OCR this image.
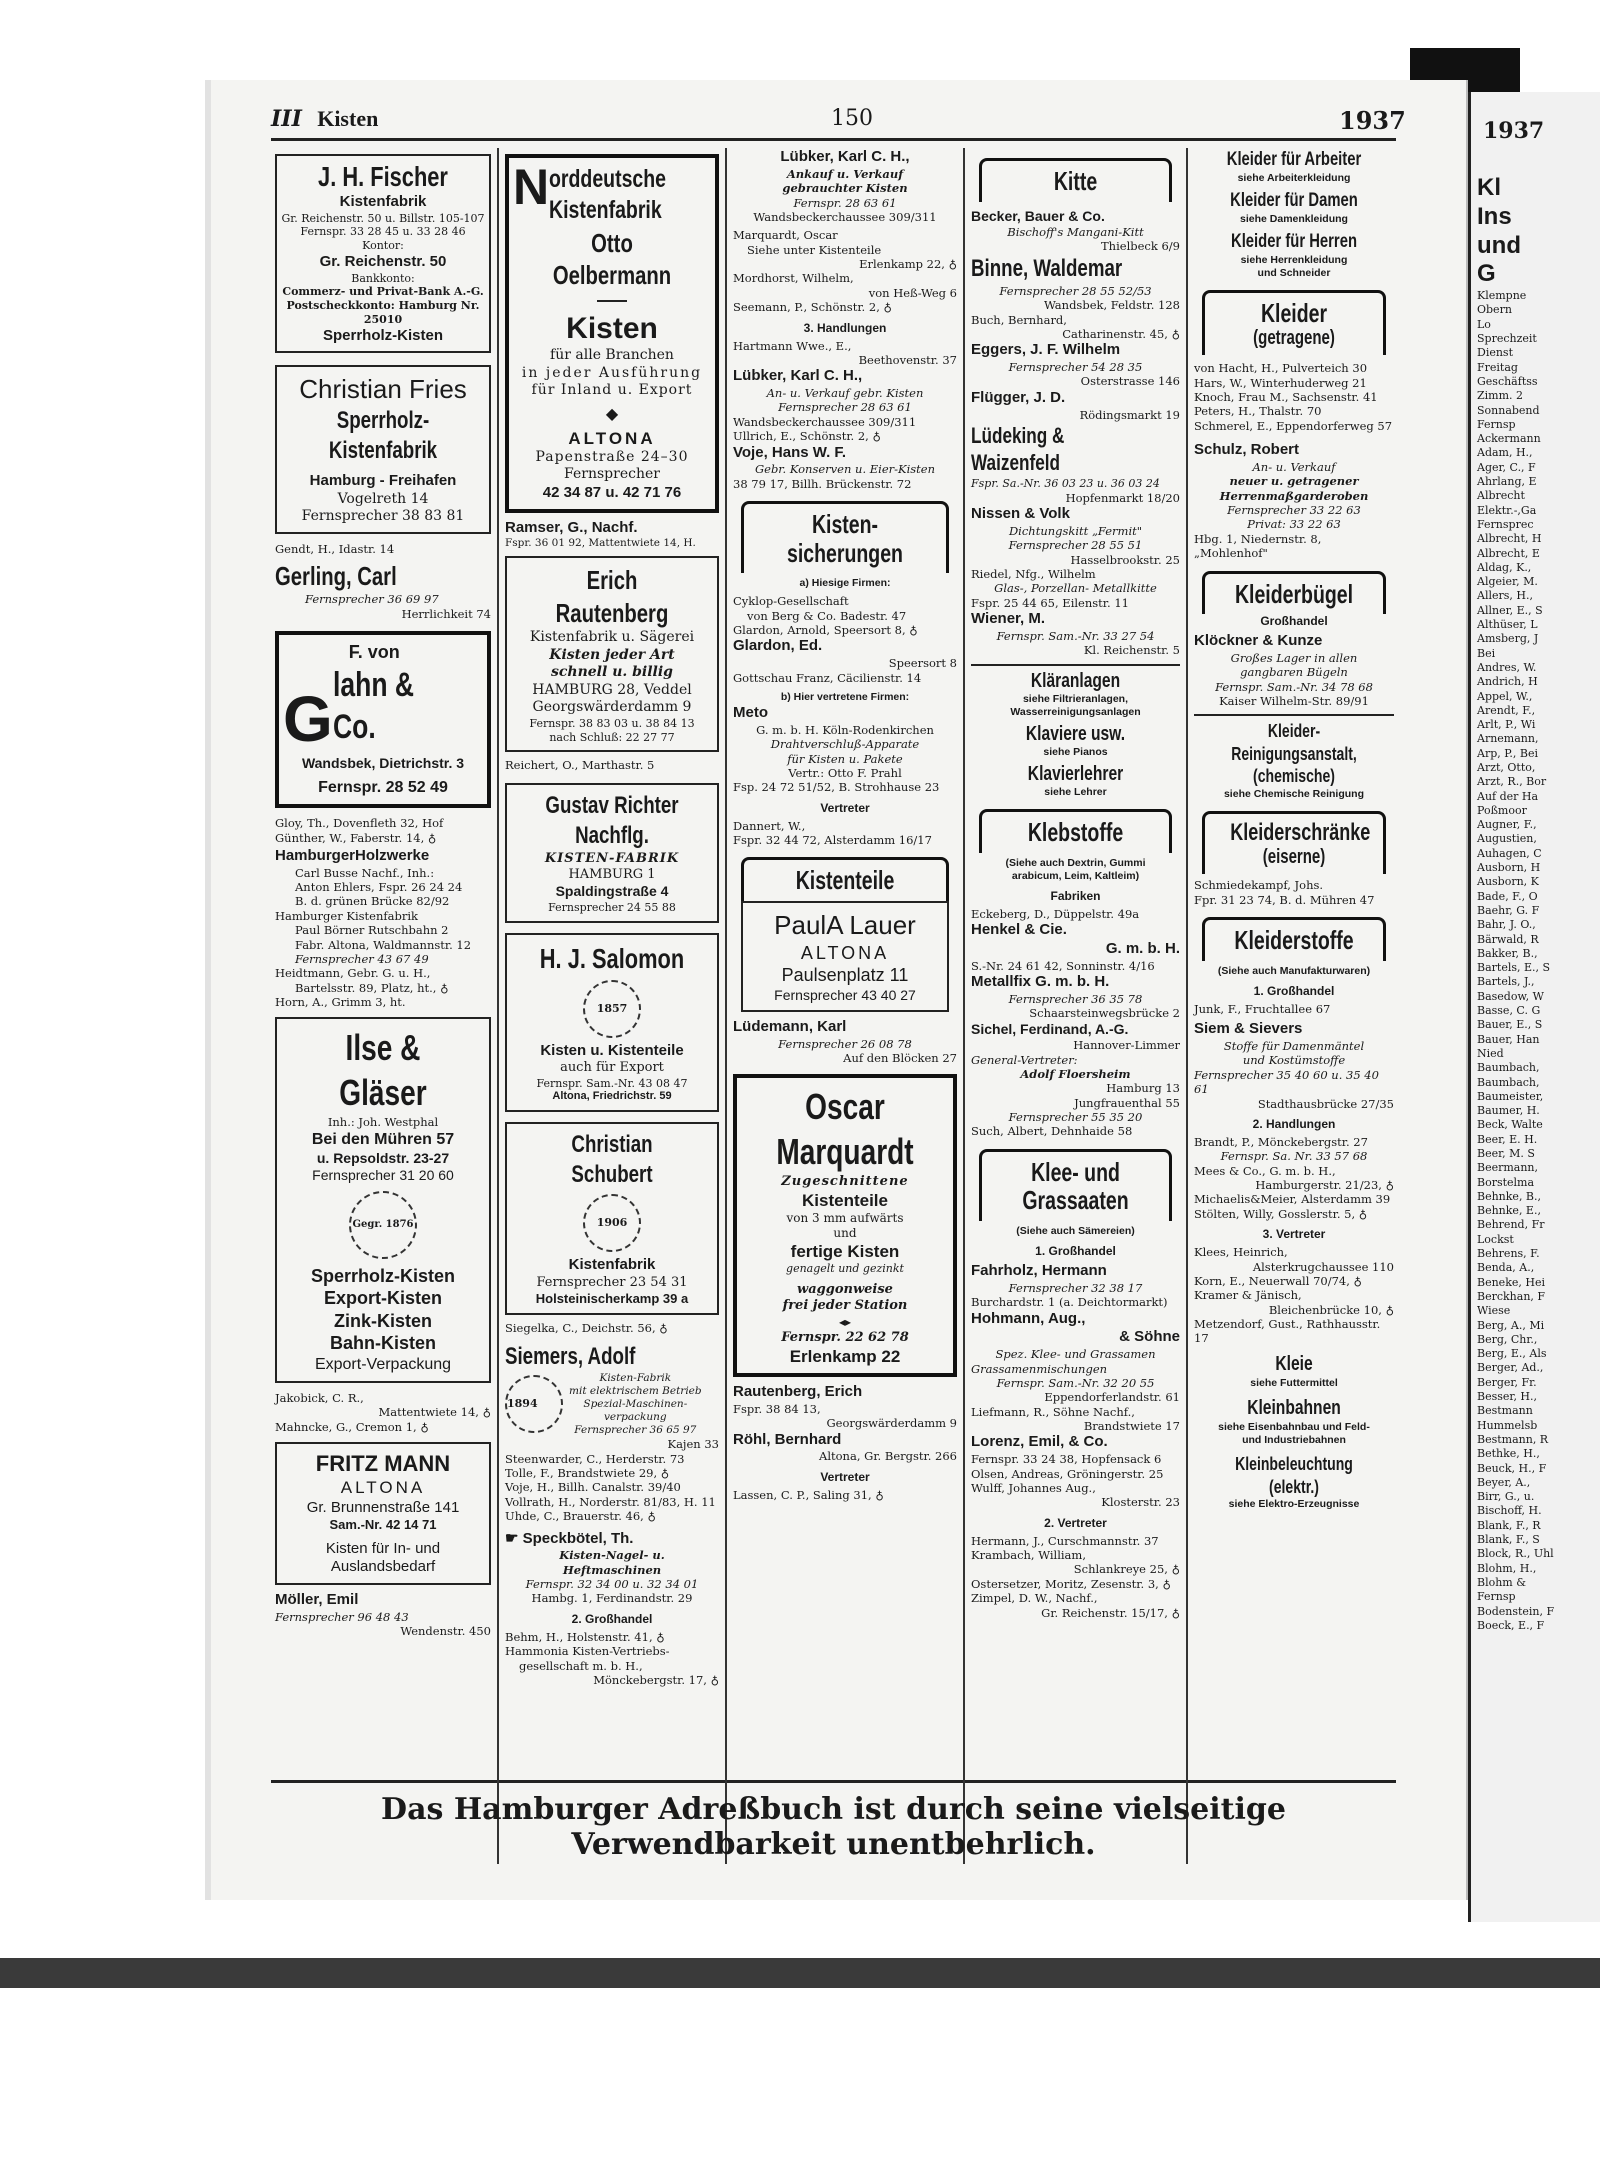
1937
Kl
Ins
und
G
Klempne
Obern
Lo
Sprechzeit
Dienst
Freitag
Geschäftss
Zimm. 2
Sonnabend
Fernsp
Ackermann
Adam, H.,
Ager, C., F
Ahrlang, E
Albrecht
Elektr.-,Ga
Fernsprec
Albrecht, H
Albrecht, E
Aldag, K.,
Algeier, M.
Allers, H.,
Allner, E., S
Althüser, L
Amsberg, J
Bei
Andres, W.
Andrich, H
Appel, W.,
Arendt, F.,
Arlt, P., Wi
Arnemann,
Arp, P., Bei
Arzt, Otto,
Arzt, R., Bor
Auf der Ha
Poßmoor
Augner, F.,
Augustien,
Auhagen, C
Ausborn, H
Ausborn, K
Bade, F., O
Baehr, G. F
Bahr, J. O.,
Bärwald, R
Bakker, B.,
Bartels, E., S
Bartels, J.,
Basedow, W
Basse, C. G
Bauer, E., S
Bauer, Han
Nied
Baumbach,
Baumbach,
Baumeister,
Baumer, H.
Beck, Walte
Beer, E. H.
Beer, M. S
Beermann,
Borstelma
Behnke, B.,
Behnke, E.,
Behrend, Fr
Lockst
Behrens, F.
Benda, A.,
Beneke, Hei
Berckhan, F
Wiese
Berg, A., Mi
Berg, Chr.,
Berg, E., Als
Berger, Ad.,
Berger, Fr.
Besser, H.,
Bestmann
Hummelsb
Bestmann, R
Bethke, H.,
Beuck, H., F
Beyer, A.,
Birr, G., u.
Bischoff, H.
Blank, F., R
Blank, F., S
Block, R., Uhl
Blohm, H.,
Blohm &
Fernsp
Bodenstein, F
Boeck, E., F
III Kisten	150	1937
J. H. Fischer
Kistenfabrik
Gr. Reichenstr. 50 u. Billstr. 105-107
Fernspr. 33 28 45 u. 33 28 46
Kontor:
Gr. Reichenstr. 50
Bankkonto:
Commerz- und Privat-Bank A.-G.
Postscheckkonto: Hamburg Nr. 25010
Sperrholz-Kisten
Christian Fries
Sperrholz-
Kistenfabrik
Hamburg - Freihafen
Vogelreth 14
Fernsprecher 38 83 81
Gendt, H., Idastr. 14
Gerling, Carl
Fernsprecher 36 69 97
Herrlichkeit 74
G
F. von
lahn & Co.
Wandsbek, Dietrichstr. 3
Fernspr. 28 52 49
Gloy, Th., Dovenfleth 32, Hof
Günther, W., Faberstr. 14, ♁
HamburgerHolzwerke
Carl Busse Nachf., Inh.:
Anton Ehlers, Fspr. 26 24 24
B. d. grünen Brücke 82/92
Hamburger Kistenfabrik
Paul Börner Rutschbahn 2
Fabr. Altona, Waldmannstr. 12
Fernsprecher 43 67 49
Heidtmann, Gebr. G. u. H.,
Bartelsstr. 89, Platz, ht., ♁
Horn, A., Grimm 3, ht.
Ilse & Gläser
Inh.: Joh. Westphal
Bei den Mühren 57
u. Repsoldstr. 23-27
Fernsprecher 31 20 60
Gegr. 1876
Sperrholz-Kisten
Export-Kisten
Zink-Kisten
Bahn-Kisten
Export-Verpackung
Jakobick, C. R.,
Mattentwiete 14, ♁
Mahncke, G., Cremon 1, ♁
FRITZ MANN
ALTONA
Gr. Brunnenstraße 141
Sam.-Nr. 42 14 71
Kisten für In- und
Auslandsbedarf
Möller, Emil
Fernsprecher 96 48 43
Wendenstr. 450
N orddeutsche
Kistenfabrik
Otto Oelbermann
Kisten
für alle Branchen
in jeder Ausführung
für Inland u. Export
◆
ALTONA
Papenstraße 24–30
Fernsprecher
42 34 87 u. 42 71 76
Ramser, G., Nachf.
Fspr. 36 01 92, Mattentwiete 14, H.
Erich Rautenberg
Kistenfabrik u. Sägerei
Kisten jeder Art
schnell u. billig
HAMBURG 28, Veddel
Georgswärderdamm 9
Fernspr. 38 83 03 u. 38 84 13
nach Schluß: 22 27 77
Reichert, O., Marthastr. 5
Gustav Richter Nachflg.
KISTEN-FABRIK
HAMBURG 1
Spaldingstraße 4
Fernsprecher 24 55 88
H. J. Salomon
1857
Kisten u. Kistenteile
auch für Export
Fernspr. Sam.-Nr. 43 08 47
Altona, Friedrichstr. 59
Christian Schubert
1906
Kistenfabrik
Fernsprecher 23 54 31
Holsteinischerkamp 39 a
Siegelka, C., Deichstr. 56, ♁
Siemers, Adolf
1894
Kisten-Fabrik
mit elektrischem Betrieb
Spezial-Maschinen-
verpackung
Fernsprecher 36 65 97
Kajen 33
Steenwarder, C., Herderstr. 73
Tolle, F., Brandstwiete 29, ♁
Voje, H., Billh. Canalstr. 39/40
Vollrath, H., Norderstr. 81/83, H. 11
Uhde, C., Brauerstr. 46, ♁
☛ Speckbötel, Th.
Kisten-Nagel- u.
Heftmaschinen
Fernspr. 32 34 00 u. 32 34 01
Hambg. 1, Ferdinandstr. 29
2. Großhandel
Behm, H., Holstenstr. 41, ♁
Hammonia Kisten-Vertriebs-
gesellschaft m. b. H.,
Mönckebergstr. 17, ♁
Lübker, Karl C. H.,
Ankauf u. Verkauf
gebrauchter Kisten
Fernspr. 28 63 61
Wandsbeckerchaussee 309/311
Marquardt, Oscar
Siehe unter Kistenteile
Erlenkamp 22, ♁
Mordhorst, Wilhelm,
von Heß-Weg 6
Seemann, P., Schönstr. 2, ♁
3. Handlungen
Hartmann Wwe., E.,
Beethovenstr. 37
Lübker, Karl C. H.,
An- u. Verkauf gebr. Kisten
Fernsprecher 28 63 61
Wandsbeckerchaussee 309/311
Ullrich, E., Schönstr. 2, ♁
Voje, Hans W. F.
Gebr. Konserven u. Eier-Kisten
38 79 17, Billh. Brückenstr. 72
Kisten-
sicherungen
a) Hiesige Firmen:
Cyklop-Gesellschaft
von Berg & Co. Badestr. 47
Glardon, Arnold, Speersort 8, ♁
Glardon, Ed.
Speersort 8
Gottschau Franz, Cäcilienstr. 14
b) Hier vertretene Firmen:
Meto
G. m. b. H. Köln-Rodenkirchen
Drahtverschluß-Apparate
für Kisten u. Pakete
Vertr.: Otto F. Prahl
Fsp. 24 72 51/52, B. Strohhause 23
Vertreter
Dannert, W.,
Fspr. 32 44 72, Alsterdamm 16/17
Kistenteile
PaulA Lauer
ALTONA
Paulsenplatz 11
Fernsprecher 43 40 27
Lüdemann, Karl
Fernsprecher 26 08 78
Auf den Blöcken 27
Oscar Marquardt
Zugeschnittene
Kistenteile
von 3 mm aufwärts
und
fertige Kisten
genagelt und gezinkt
waggonweise
frei jeder Station
◂▸
Fernspr. 22 62 78
Erlenkamp 22
Rautenberg, Erich
Fspr. 38 84 13,
Georgswärderdamm 9
Röhl, Bernhard
Altona, Gr. Bergstr. 266
Vertreter
Lassen, C. P., Saling 31, ♁
Kitte
Becker, Bauer & Co.
Bischoff's Mangani-Kitt
Thielbeck 6/9
Binne, Waldemar
Fernsprecher 28 55 52/53
Wandsbek, Feldstr. 128
Buch, Bernhard,
Catharinenstr. 45, ♁
Eggers, J. F. Wilhelm
Fernsprecher 54 28 35
Osterstrasse 146
Flügger, J. D.
Rödingsmarkt 19
Lüdeking & Waizenfeld
Fspr. Sa.-Nr. 36 03 23 u. 36 03 24
Hopfenmarkt 18/20
Nissen & Volk
Dichtungskitt „Fermit"
Fernsprecher 28 55 51
Hasselbrookstr. 25
Riedel, Nfg., Wilhelm
Glas-, Porzellan- Metallkitte
Fspr. 25 44 65, Eilenstr. 11
Wiener, M.
Fernspr. Sam.-Nr. 33 27 54
Kl. Reichenstr. 5
Kläranlagen
siehe Filtrieranlagen,
Wasserreinigungsanlagen
Klaviere usw.
siehe Pianos
Klavierlehrer
siehe Lehrer
Klebstoffe
(Siehe auch Dextrin, Gummi
arabicum, Leim, Kaltleim)
Fabriken
Eckeberg, D., Düppelstr. 49a
Henkel & Cie.
G. m. b. H.
S.-Nr. 24 61 42, Sonninstr. 4/16
Metallfix G. m. b. H.
Fernsprecher 36 35 78
Schaarsteinwegsbrücke 2
Sichel, Ferdinand, A.-G.
Hannover-Limmer
General-Vertreter:
Adolf Floersheim
Hamburg 13
Jungfrauenthal 55
Fernsprecher 55 35 20
Such, Albert, Dehnhaide 58
Klee- und
Grassaaten
(Siehe auch Sämereien)
1. Großhandel
Fahrholz, Hermann
Fernsprecher 32 38 17
Burchardstr. 1 (a. Deichtormarkt)
Hohmann, Aug.,
& Söhne
Spez. Klee- und Grassamen
Grassamenmischungen
Fernspr. Sam.-Nr. 32 20 55
Eppendorferlandstr. 61
Liefmann, R., Söhne Nachf.,
Brandstwiete 17
Lorenz, Emil, & Co.
Fernspr. 33 24 38, Hopfensack 6
Olsen, Andreas, Gröningerstr. 25
Wulff, Johannes Aug.,
Klosterstr. 23
2. Vertreter
Hermann, J., Curschmannstr. 37
Krambach, William,
Schlankreye 25, ♁
Ostersetzer, Moritz, Zesenstr. 3, ♁
Zimpel, D. W., Nachf.,
Gr. Reichenstr. 15/17, ♁
Kleider für Arbeiter
siehe Arbeiterkleidung
Kleider für Damen
siehe Damenkleidung
Kleider für Herren
siehe Herrenkleidung
und Schneider
Kleider
(getragene)
von Hacht, H., Pulverteich 30
Hars, W., Winterhuderweg 21
Knoch, Frau M., Sachsenstr. 41
Peters, H., Thalstr. 70
Schmerel, E., Eppendorferweg 57
Schulz, Robert
An- u. Verkauf
neuer u. getragener
Herrenmaßgarderoben
Fernsprecher 33 22 63
Privat: 33 22 63
Hbg. 1, Niedernstr. 8, „Mohlenhof"
Kleiderbügel
Großhandel
Klöckner & Kunze
Großes Lager in allen
gangbaren Bügeln
Fernspr. Sam.-Nr. 34 78 68
Kaiser Wilhelm-Str. 89/91
Kleider-Reinigungsanstalt,
(chemische)
siehe Chemische Reinigung
Kleiderschränke
(eiserne)
Schmiedekampf, Johs.
Fpr. 31 23 74, B. d. Mühren 47
Kleiderstoffe
(Siehe auch Manufakturwaren)
1. Großhandel
Junk, F., Fruchtallee 67
Siem & Sievers
Stoffe für Damenmäntel
und Kostümstoffe
Fernsprecher 35 40 60 u. 35 40 61
Stadthausbrücke 27/35
2. Handlungen
Brandt, P., Mönckebergstr. 27
Fernspr. Sa. Nr. 33 57 68
Mees & Co., G. m. b. H.,
Hamburgerstr. 21/23, ♁
Michaelis&Meier, Alsterdamm 39
Stölten, Willy, Gosslerstr. 5, ♁
3. Vertreter
Klees, Heinrich,
Alsterkrugchaussee 110
Korn, E., Neuerwall 70/74, ♁
Kramer & Jänisch,
Bleichenbrücke 10, ♁
Metzendorf, Gust., Rathhausstr. 17
Kleie
siehe Futtermittel
Kleinbahnen
siehe Eisenbahnbau und Feld-
und Industriebahnen
Kleinbeleuchtung (elektr.)
siehe Elektro-Erzeugnisse
Das Hamburger Adreßbuch ist durch seine vielseitige Verwendbarkeit unentbehrlich.
